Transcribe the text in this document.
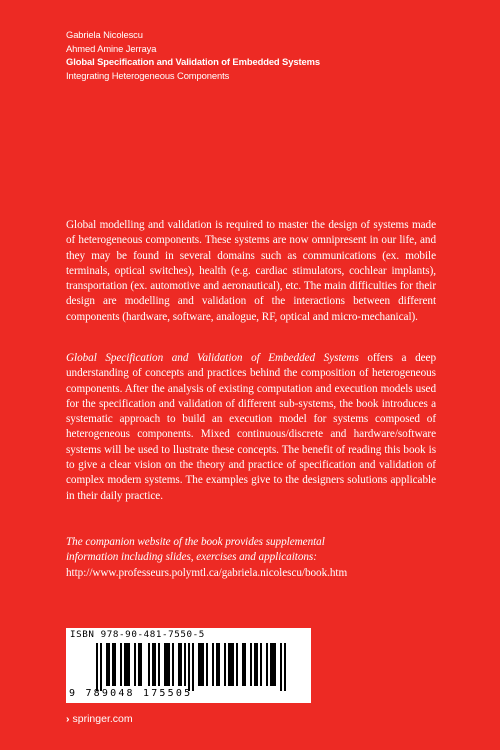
Gabriela Nicolescu
Ahmed Amine Jerraya
Global Specification and Validation of Embedded Systems
Integrating Heterogeneous Components

Global modelling and validation is required to master the design of systems made of heterogeneous components. These systems are now omnipresent in our life, and they may be found in several domains such as communications (ex. mobile terminals, optical switches), health (e.g. cardiac stimulators, cochlear implants), transportation (ex. automotive and aeronautical), etc. The main difficulties for their design are modelling and validation of the interactions between different components (hardware, software, analogue, RF, optical and micro-mechanical).

Global Specification and Validation of Embedded Systems offers a deep understanding of concepts and practices behind the composition of heterogeneous components. After the analysis of existing computation and execution models used for the specification and validation of different sub-systems, the book introduces a systematic approach to build an execution model for systems composed of heterogeneous components. Mixed continuous/discrete and hardware/software systems will be used to llustrate these concepts. The benefit of reading this book is to give a clear vision on the theory and practice of specification and validation of complex modern systems. The examples give to the designers solutions applicable in their daily practice.

The companion website of the book provides supplemental
information including slides, exercises and applicaitons:
http://www.professeurs.polymtl.ca/gabriela.nicolescu/book.htm
ISBN 978-90-481-7550-5
9 789048 175505
› springer.com
